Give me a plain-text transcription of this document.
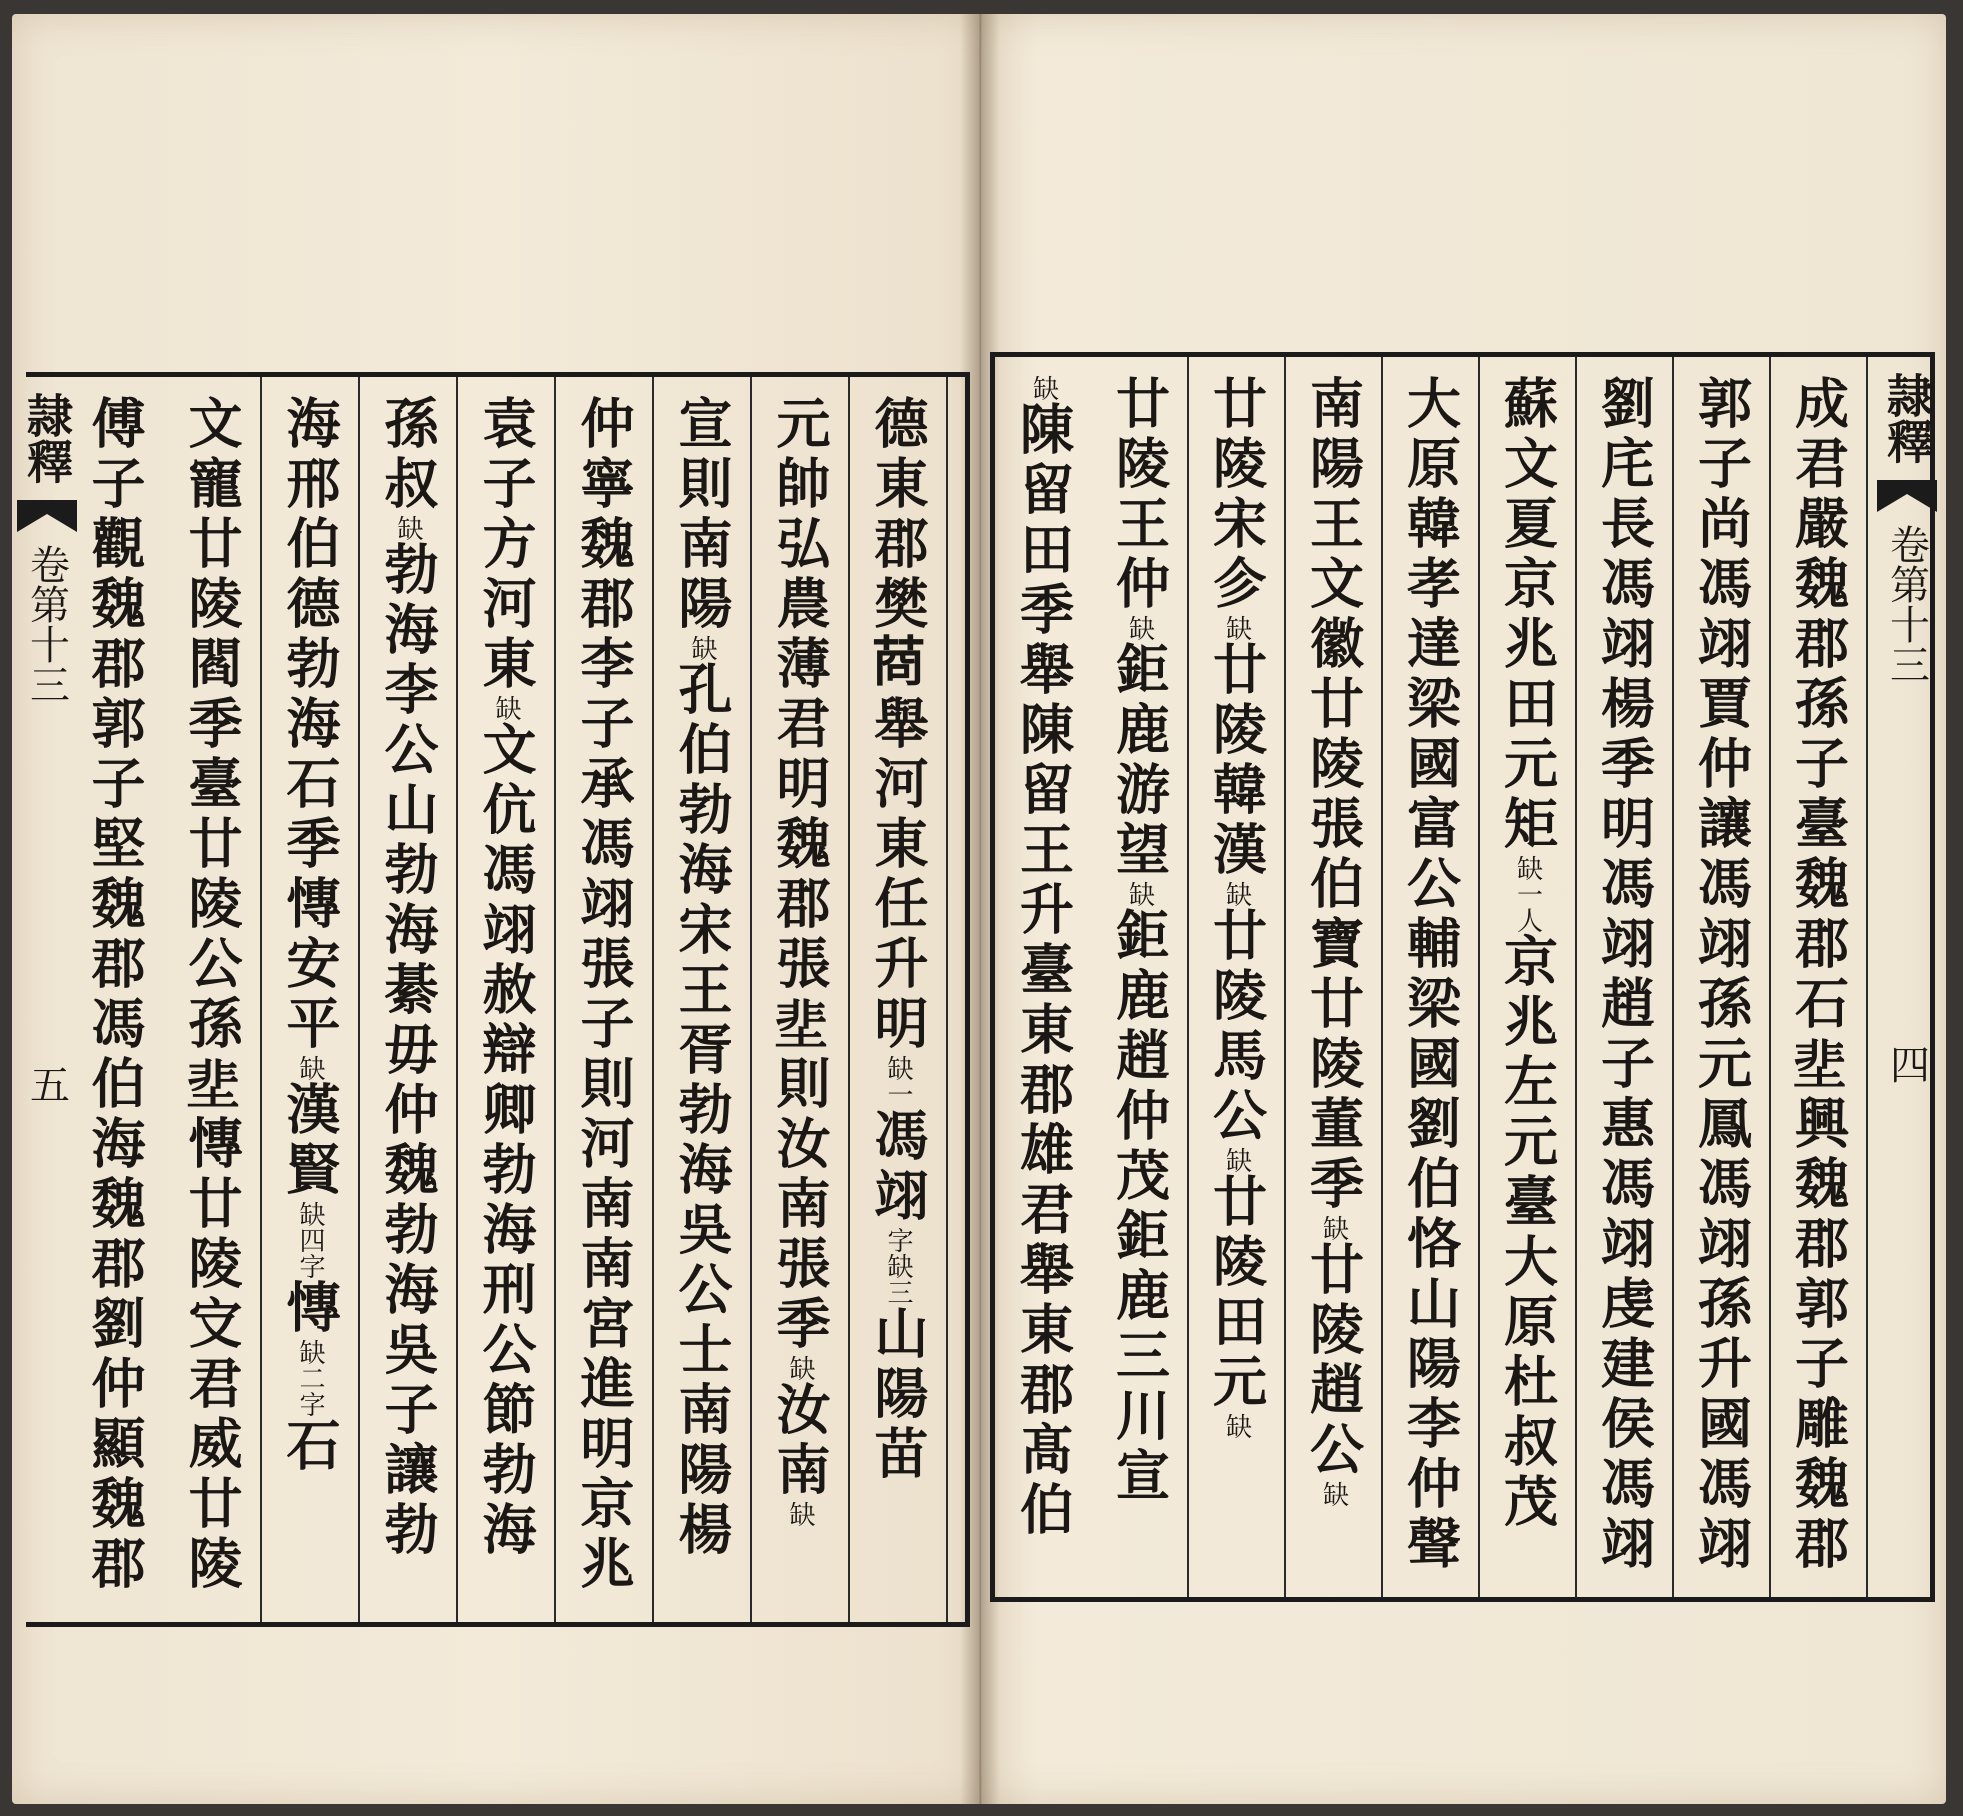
德東郡樊𦯶舉河東任升明缺一馮翊字缺三山陽苗
元帥弘農薄君明魏郡張𡌦則汝南張季缺汝南缺
宣則南陽缺孔伯勃海宋王胥勃海吳公士南陽楊
仲寧魏郡李子承馮翊張子則河南南宮進明京兆
袁子方河東缺文伉馮翊赦辯卿勃海刑公節勃海
孫叔缺勃海李公山勃海綦毋仲魏勃海吳子讓勃
海邢伯德勃海石季慱安平缺漢賢缺四字慱缺二字石
文寵廿陵閻季臺廿陵公孫𡌦慱廿陵㝊君威廿陵
傅子觀魏郡郭子堅魏郡馮伯海魏郡劉仲顯魏郡	成君嚴魏郡孫子臺魏郡石𡌦興魏郡郭子雕魏郡
郭子尚馮翊賈仲讓馮翊孫元鳳馮翊孫升國馮翊
劉㡯長馮翊楊季明馮翊趙子惠馮翊虔建侯馮翊
蘇文夏京兆田元矩缺一人京兆左元臺大原杜叔茂
大原韓孝達梁國富公輔梁國劉伯恪山陽李仲聲
南陽王文徽廿陵張伯寶廿陵董季缺廿陵趙公缺
廿陵宋㐱缺廿陵韓漢缺廿陵馬公缺廿陵田元缺
廿陵王仲缺鉅鹿游望缺鉅鹿趙仲茂鉅鹿三川宣
缺陳留田季舉陳留王升臺東郡雄君舉東郡髙伯
隷釋
卷第十三
五
隷釋
卷第十三
四
